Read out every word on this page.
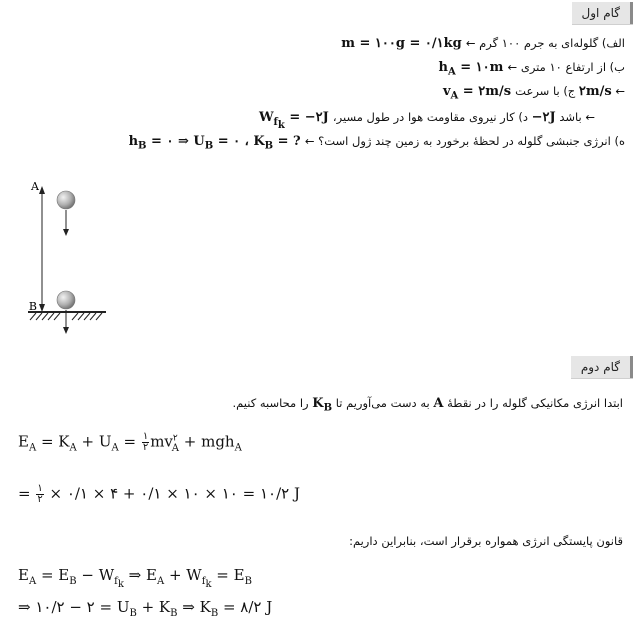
گام اول
m = ۱۰۰g = ۰/۱kg الف) گلوله‌ای به جرم ۱۰۰ گرم ←
$h_A$ = ۱۰m ب) از ارتفاع ۱۰ متری ←
$v_A$ = ۲m/s	← ۲m/s ج) با سرعت
$W_{f_k}$ = −۲J	← باشد −۲J د) کار نیروی مقاومت هوا در طول مسیر،
$h_B$ = ۰ ⇒ $U_B$ = ۰ ، $K_B$ = ? ه) انرژی جنبشی گلوله در لحظهٔ برخورد به زمین چند ژول است؟ ←
A
B
گام دوم
ابتدا انرژی مکانیکی گلوله را در نقطهٔ A به دست می‌آوریم تا $K_B$ را محاسبه کنیم.
$E_A = K_A + U_A = \frac{۱}{۲} mv^۲_A + mgh_A$
= $\frac{۱}{۲}$ × ۰/۱ × ۴ + ۰/۱ × ۱۰ × ۱۰ = ۱۰/۲ J
قانون پایستگی انرژی همواره برقرار است، بنابراین داریم:
$E_A = E_B - W_{f_k}$ ⇒ $E_A + W_{f_k} = E_B$
⇒ ۱۰/۲ − ۲ = $U_B + K_B$ ⇒ $K_B$ = ۸/۲ J
